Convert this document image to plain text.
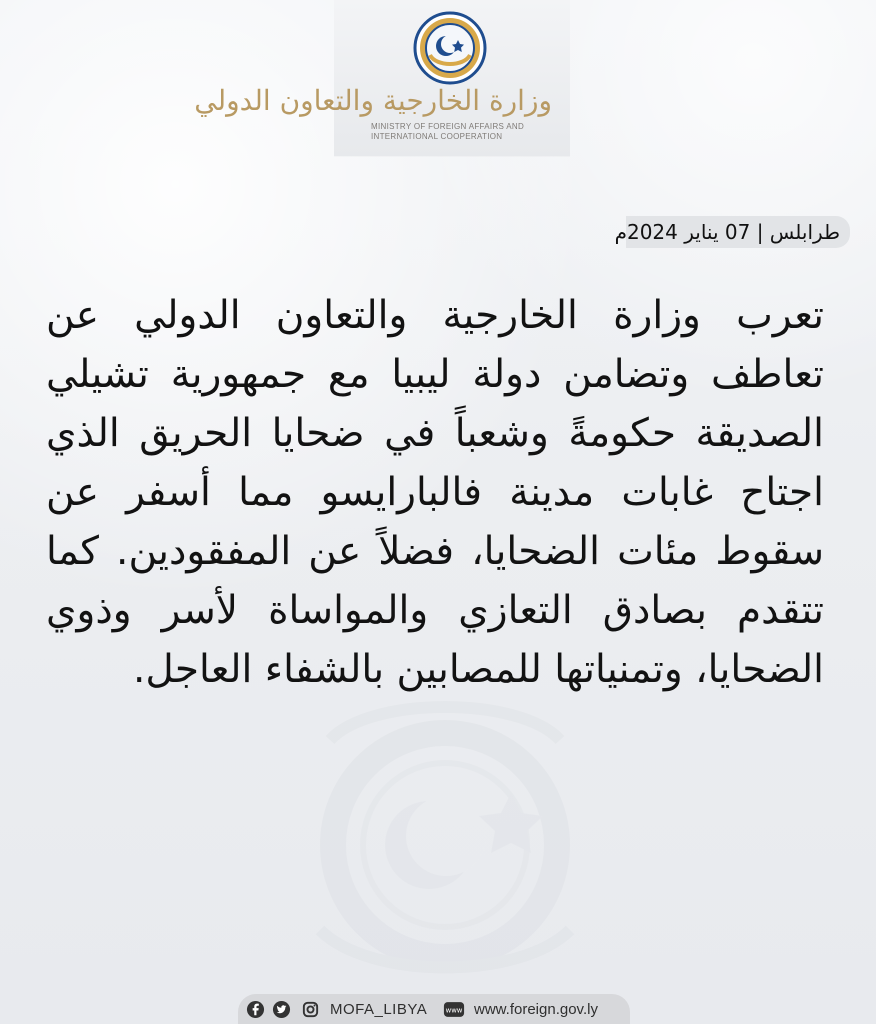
وزارة الخارجية والتعاون الدولي
MINISTRY OF FOREIGN AFFAIRS AND
INTERNATIONAL COOPERATION
طرابلس | 07 يناير 2024م
تعرب وزارة الخارجية والتعاون الدولي عن تعاطف وتضامن دولة ليبيا مع جمهورية تشيلي الصديقة حكومةً وشعباً في ضحايا الحريق الذي اجتاح غابات مدينة فالبارايسو مما أسفر عن سقوط مئات الضحايا، فضلاً عن المفقودين. كما تتقدم بصادق التعازي والمواساة لأسر وذوي الضحايا، وتمنياتها للمصابين بالشفاء العاجل.
MOFA_LIBYA www www.foreign.gov.ly
